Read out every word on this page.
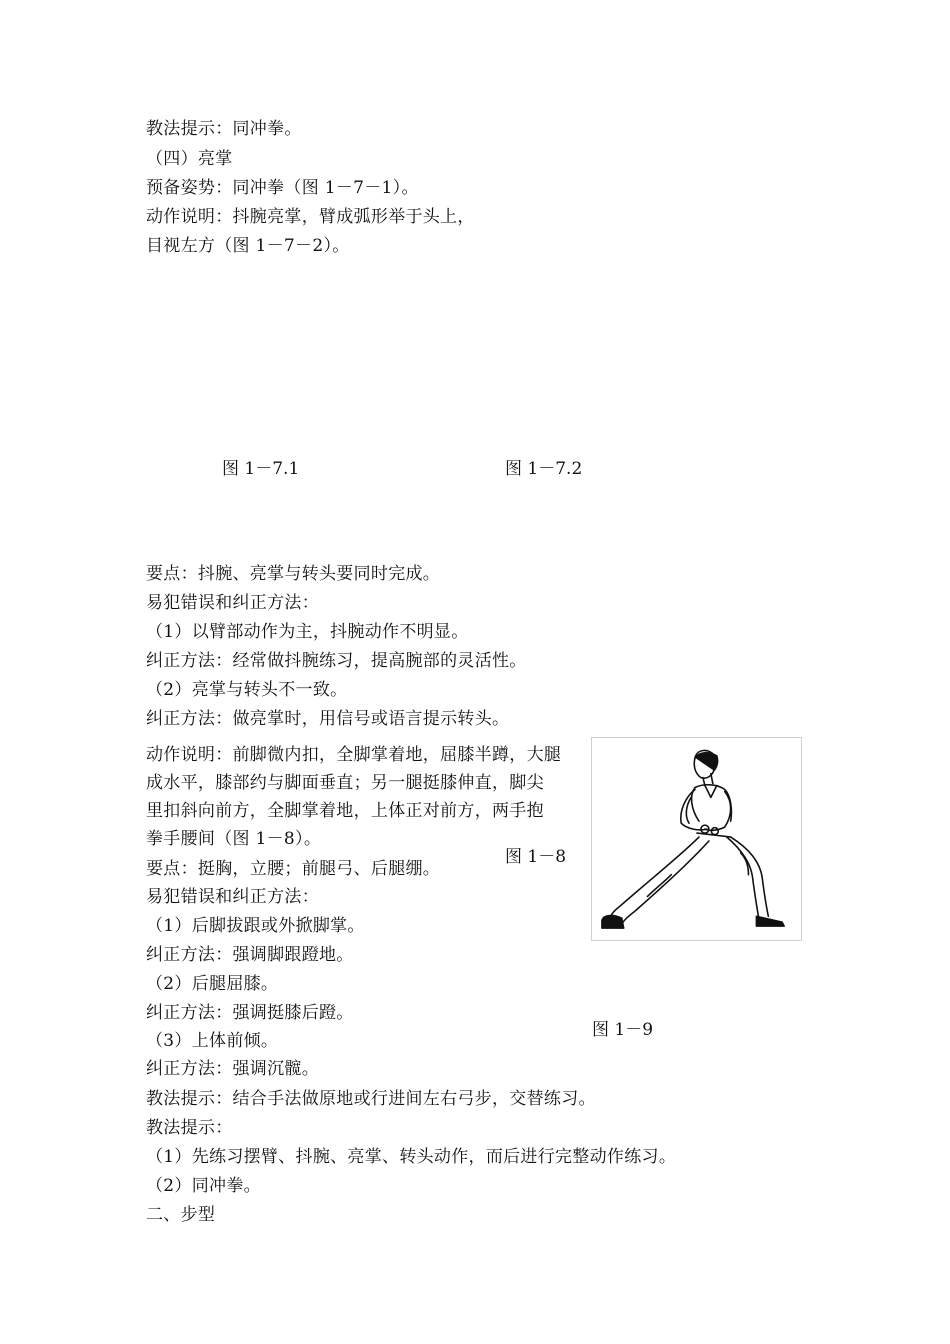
教法提示：同冲拳。
（四）亮掌
预备姿势：同冲拳（图 1－7－1）。
动作说明：抖腕亮掌，臂成弧形举于头上，
目视左方（图 1－7－2）。
图 1－7.1	图 1－7.2
要点：抖腕、亮掌与转头要同时完成。
易犯错误和纠正方法：
（1）以臂部动作为主，抖腕动作不明显。
纠正方法：经常做抖腕练习，提高腕部的灵活性。
（2）亮掌与转头不一致。
纠正方法：做亮掌时，用信号或语言提示转头。
动作说明：前脚微内扣，全脚掌着地，屈膝半蹲，大腿
成水平，膝部约与脚面垂直；另一腿挺膝伸直，脚尖
里扣斜向前方，全脚掌着地，上体正对前方，两手抱
拳手腰间（图 1－8）。
图 1－8
图 1－9
要点：挺胸，立腰；前腿弓、后腿绷。
易犯错误和纠正方法：
（1）后脚拔跟或外掀脚掌。
纠正方法：强调脚跟蹬地。
（2）后腿屈膝。
纠正方法：强调挺膝后蹬。
（3）上体前倾。
纠正方法：强调沉髋。
教法提示：结合手法做原地或行进间左右弓步，交替练习。
教法提示：
（1）先练习摆臂、抖腕、亮掌、转头动作，而后进行完整动作练习。
（2）同冲拳。
二、步型
